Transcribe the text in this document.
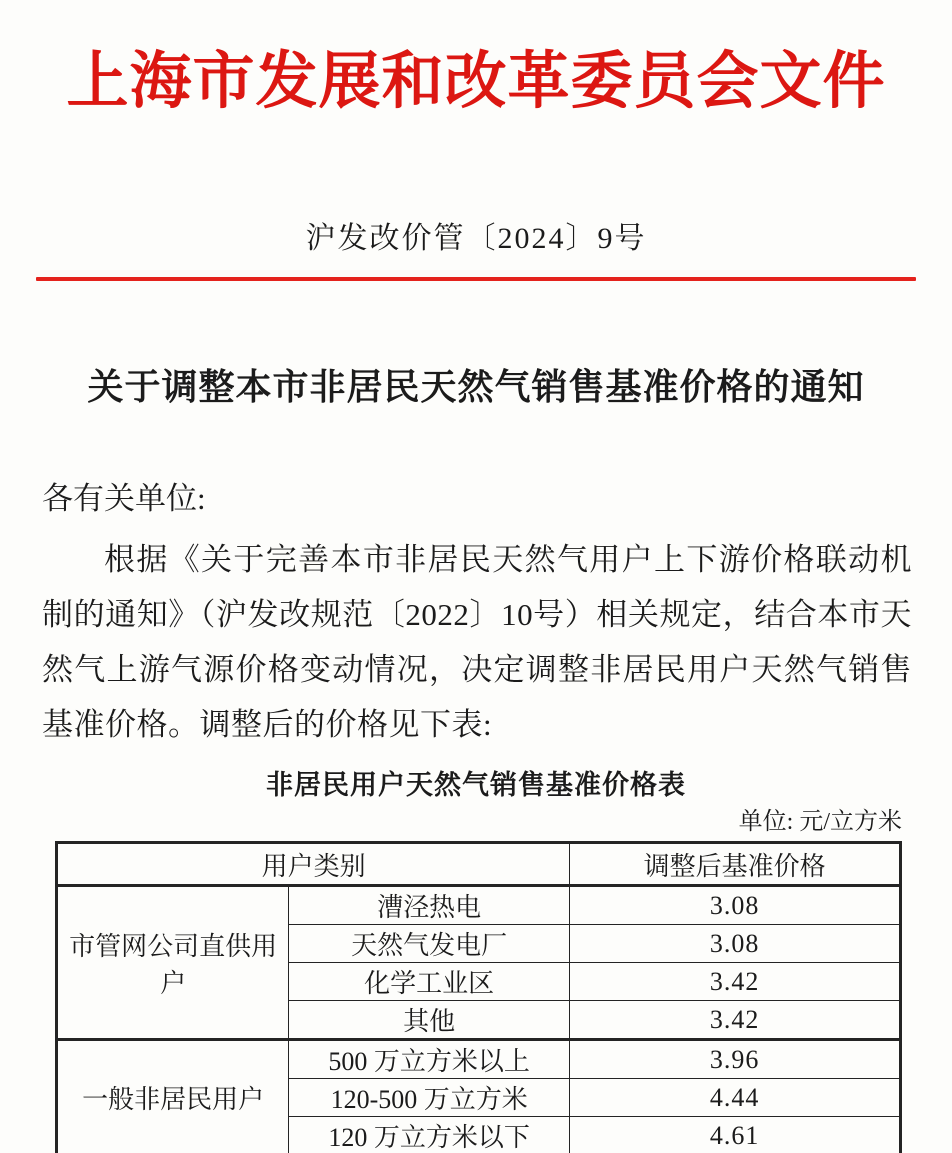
上海市发展和改革委员会文件
沪发改价管〔2024〕9号
关于调整本市非居民天然气销售基准价格的通知
各有关单位:
根据《关于完善本市非居民天然气用户上下游价格联动机制的通知》（沪发改规范〔2022〕10号）相关规定，结合本市天然气上游气源价格变动情况，决定调整非居民用户天然气销售基准价格。调整后的价格见下表:
非居民用户天然气销售基准价格表
单位: 元/立方米
用户类别		调整后基准价格
市管网公司直供用户	漕泾热电	3.08
	天然气发电厂	3.08
	化学工业区	3.42
	其他	3.42
一般非居民用户	500 万立方米以上	3.96
	120-500 万立方米	4.44
	120 万立方米以下	4.61
